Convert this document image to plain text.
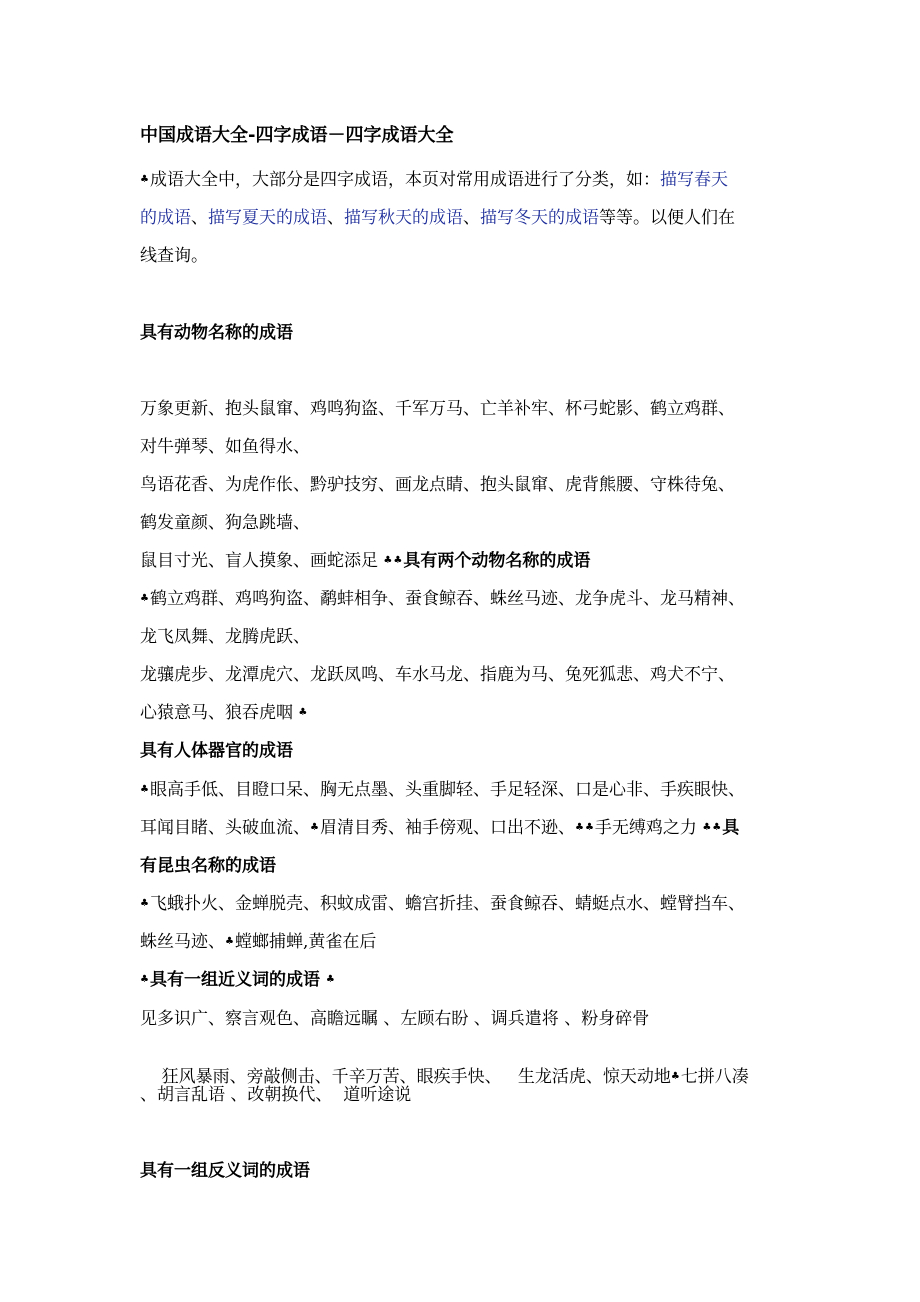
中国成语大全-四字成语－四字成语大全
♣成语大全中，大部分是四字成语，本页对常用成语进行了分类，如：描写春天
的成语、描写夏天的成语、描写秋天的成语、描写冬天的成语等等。以便人们在
线查询。
具有动物名称的成语
万象更新、抱头鼠窜、鸡鸣狗盗、千军万马、亡羊补牢、杯弓蛇影、鹤立鸡群、
对牛弹琴、如鱼得水、
鸟语花香、为虎作伥、黔驴技穷、画龙点睛、抱头鼠窜、虎背熊腰、守株待兔、
鹤发童颜、狗急跳墙、
鼠目寸光、盲人摸象、画蛇添足 ♣♣具有两个动物名称的成语
♣鹤立鸡群、鸡鸣狗盗、鹬蚌相争、蚕食鲸吞、蛛丝马迹、龙争虎斗、龙马精神、
龙飞凤舞、龙腾虎跃、
龙骧虎步、龙潭虎穴、龙跃凤鸣、车水马龙、指鹿为马、兔死狐悲、鸡犬不宁、
心猿意马、狼吞虎咽 ♣
具有人体器官的成语
♣眼高手低、目瞪口呆、胸无点墨、头重脚轻、手足轻深、口是心非、手疾眼快、
耳闻目睹、头破血流、♣眉清目秀、袖手傍观、口出不逊、♣♣手无缚鸡之力 ♣♣具
有昆虫名称的成语
♣飞蛾扑火、金蝉脱壳、积蚊成雷、蟾宫折挂、蚕食鲸吞、蜻蜓点水、螳臂挡车、
蛛丝马迹、♣螳螂捕蝉,黄雀在后
♣具有一组近义词的成语 ♣
见多识广、察言观色、高瞻远瞩 、左顾右盼 、调兵遣将 、粉身碎骨

狂风暴雨、旁敲侧击、千辛万苦、眼疾手快、   生龙活虎、惊天动地♣七拼八凑

、胡言乱语 、改朝换代、  道听途说
具有一组反义词的成语
